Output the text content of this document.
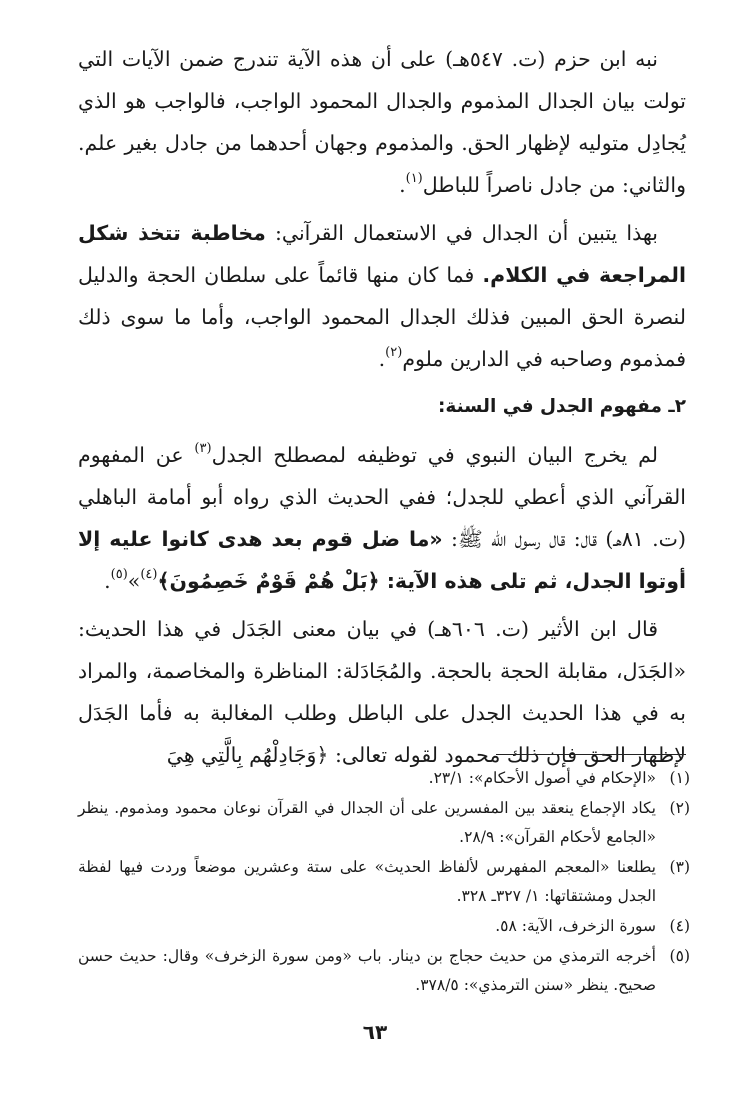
نبه ابن حزم (ت. ٥٤٧هـ) على أن هذه الآية تندرج ضمن الآيات التي تولت بيان الجدال المذموم والجدال المحمود الواجب، فالواجب هو الذي يُجادِل متوليه لإظهار الحق. والمذموم وجهان أحدهما من جادل بغير علم. والثاني: من جادل ناصراً للباطل$^{(١)}$.

بهذا يتبين أن الجدال في الاستعمال القرآني: مخاطبة تتخذ شكل المراجعة في الكلام. فما كان منها قائماً على سلطان الحجة والدليل لنصرة الحق المبين فذلك الجدال المحمود الواجب، وأما ما سوى ذلك فمذموم وصاحبه في الدارين ملوم$^{(٢)}$.

٢ـ مفهوم الجدل في السنة:

لم يخرج البيان النبوي في توظيفه لمصطلح الجدل$^{(٣)}$ عن المفهوم القرآني الذي أعطي للجدل؛ ففي الحديث الذي رواه أبو أمامة الباهلي (ت. ٨١هـ) قال: قال رسول الله ﷺ: «ما ضل قوم بعد هدى كانوا عليه إلا أوتوا الجدل، ثم تلى هذه الآية: ﴿بَلْ هُمْ قَوْمٌ خَصِمُونَ﴾$^{(٤)}$»$^{(٥)}$.

قال ابن الأثير (ت. ٦٠٦هـ) في بيان معنى الجَدَل في هذا الحديث: «الجَدَل، مقابلة الحجة بالحجة. والمُجَادَلة: المناظرة والمخاصمة، والمراد به في هذا الحديث الجدل على الباطل وطلب المغالبة به فأما الجَدَل لإظهار الحق فإن ذلك محمود لقوله تعالى: ﴿وَجَادِلْهُم بِالَّتِي هِيَ

(١)
«الإحكام في أصول الأحكام»: ٢٣/١.
(٢)
يكاد الإجماع ينعقد بين المفسرين على أن الجدال في القرآن نوعان محمود ومذموم. ينظر «الجامع لأحكام القرآن»: ٢٨/٩.
(٣)
يطلعنا «المعجم المفهرس لألفاظ الحديث» على ستة وعشرين موضعاً وردت فيها لفظة الجدل ومشتقاتها: ١/ ٣٢٧ـ ٣٢٨.
(٤)
سورة الزخرف، الآية: ٥٨.
(٥)
أخرجه الترمذي من حديث حجاج بن دينار. باب «ومن سورة الزخرف» وقال: حديث حسن صحيح. ينظر «سنن الترمذي»: ٣٧٨/٥.
٦٣
